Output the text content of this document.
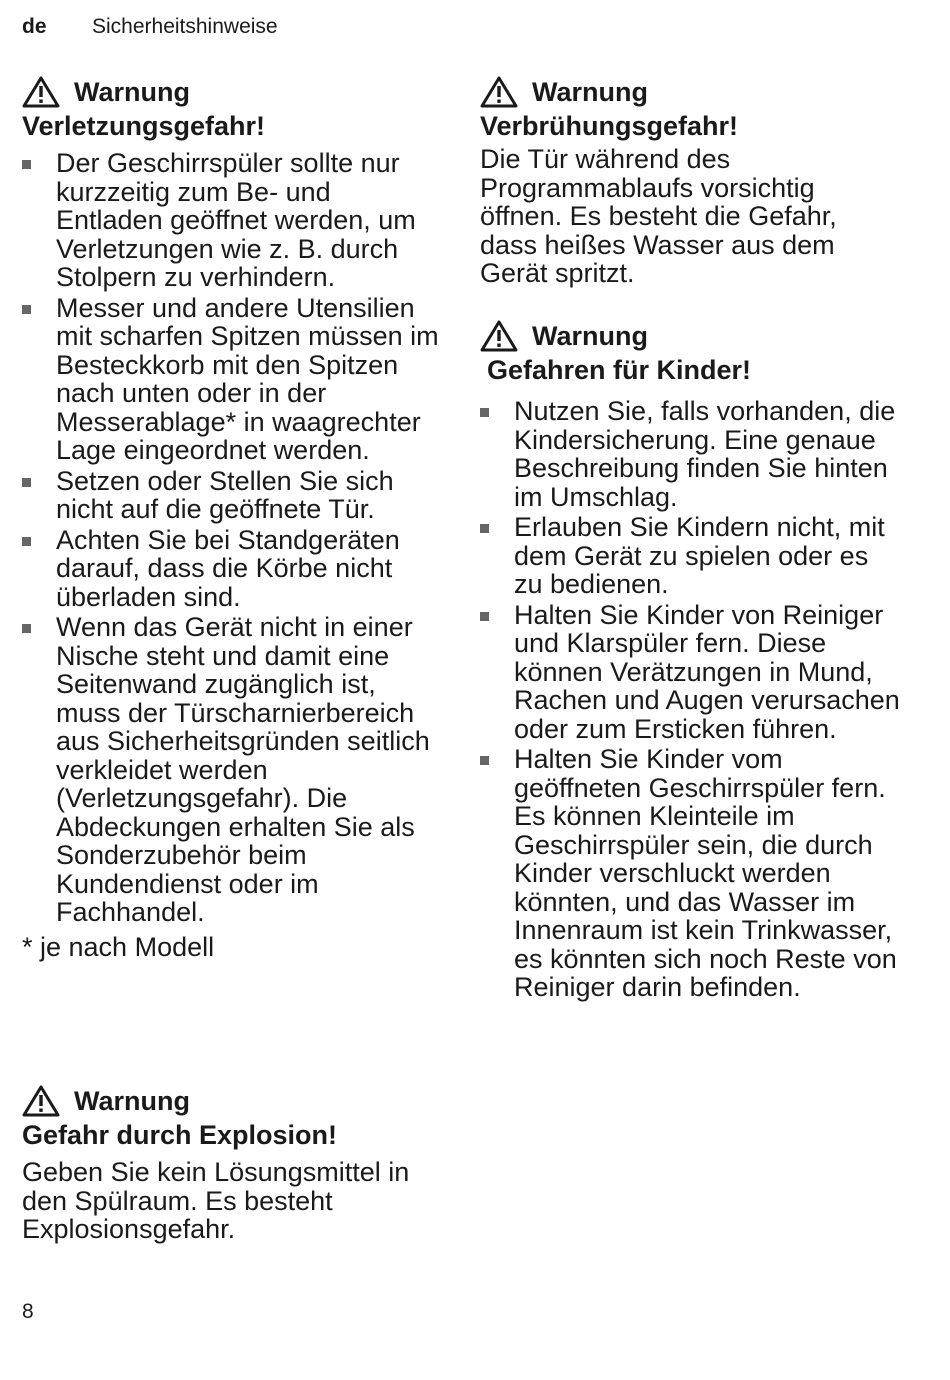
de Sicherheitshinweise
Warnung
Verletzungsgefahr!
Der Geschirrspüler sollte nur kurzzeitig zum Be- und Entladen geöffnet werden, um Verletzungen wie z. B. durch Stolpern zu verhindern.
Messer und andere Utensilien mit scharfen Spitzen müssen im Besteckkorb mit den Spitzen nach unten oder in der Messerablage* in waagrechter Lage eingeordnet werden.
Setzen oder Stellen Sie sich nicht auf die geöffnete Tür.
Achten Sie bei Standgeräten darauf, dass die Körbe nicht überladen sind.
Wenn das Gerät nicht in einer Nische steht und damit eine Seitenwand zugänglich ist, muss der Türscharnierbereich aus Sicherheitsgründen seitlich verkleidet werden (Verletzungsgefahr). Die Abdeckungen erhalten Sie als Sonderzubehör beim Kundendienst oder im Fachhandel.
* je nach Modell
Warnung
Gefahr durch Explosion!
Geben Sie kein Lösungsmittel in den Spülraum. Es besteht Explosionsgefahr.
Warnung
Verbrühungsgefahr!
Die Tür während des Programmablaufs vorsichtig öffnen. Es besteht die Gefahr, dass heißes Wasser aus dem Gerät spritzt.
Warnung
Gefahren für Kinder!
Nutzen Sie, falls vorhanden, die Kindersicherung. Eine genaue Beschreibung finden Sie hinten im Umschlag.
Erlauben Sie Kindern nicht, mit dem Gerät zu spielen oder es zu bedienen.
Halten Sie Kinder von Reiniger und Klarspüler fern. Diese können Verätzungen in Mund, Rachen und Augen verursachen oder zum Ersticken führen.
Halten Sie Kinder vom geöffneten Geschirrspüler fern. Es können Kleinteile im Geschirrspüler sein, die durch Kinder verschluckt werden könnten, und das Wasser im Innenraum ist kein Trinkwasser, es könnten sich noch Reste von Reiniger darin befinden.
8
